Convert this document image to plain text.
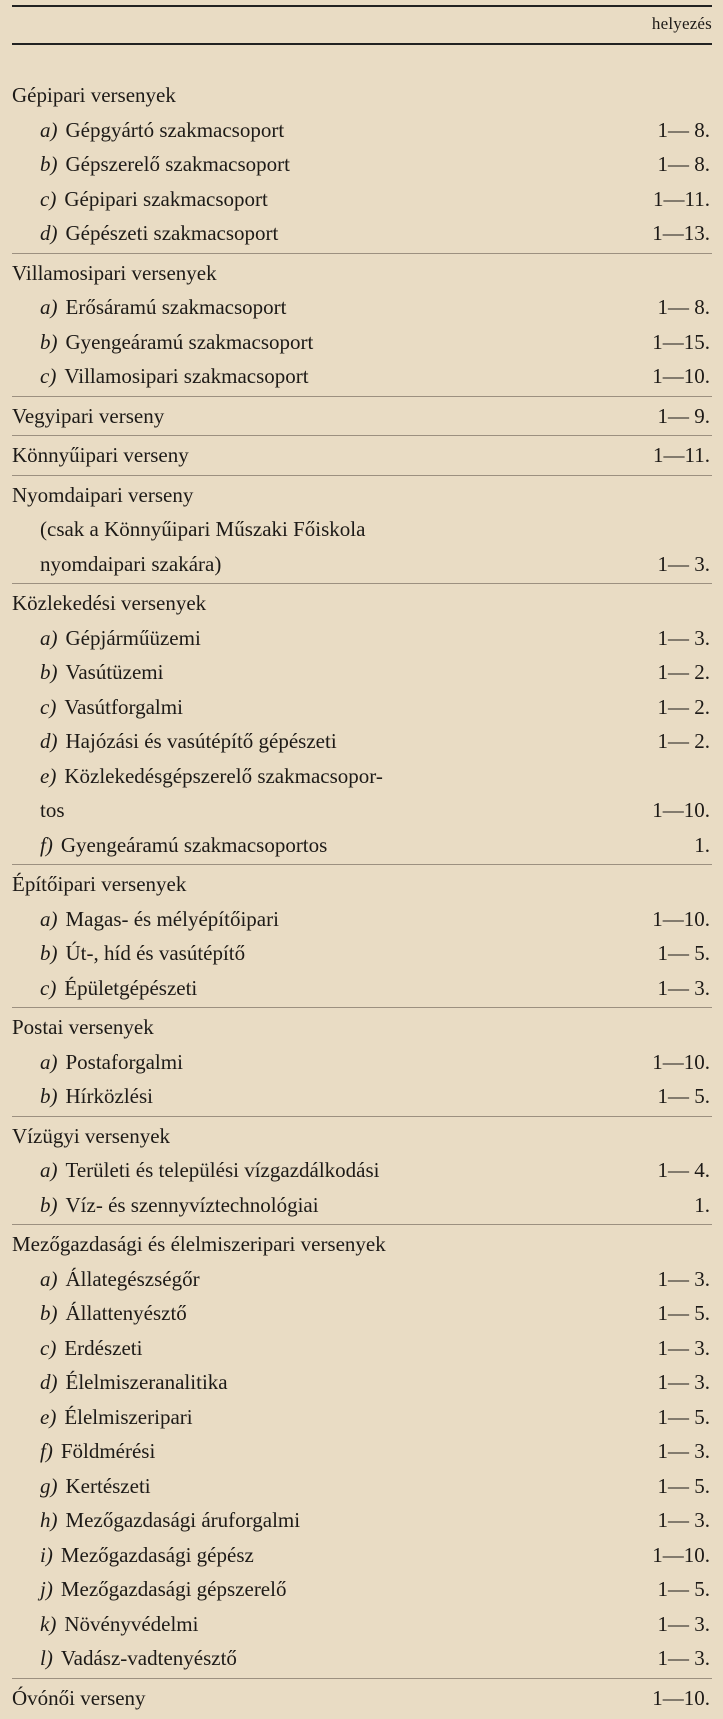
helyezés
Gépipari versenyek
a) Gépgyártó szakmacsoport	1— 8.
b) Gépszerelő szakmacsoport	1— 8.
c) Gépipari szakmacsoport	1—11.
d) Gépészeti szakmacsoport	1—13.
Villamosipari versenyek
a) Erősáramú szakmacsoport	1— 8.
b) Gyengeáramú szakmacsoport	1—15.
c) Villamosipari szakmacsoport	1—10.
Vegyipari verseny	1— 9.
Könnyűipari verseny	1—11.
Nyomdaipari verseny
(csak a Könnyűipari Műszaki Főiskola
nyomdaipari szakára)	1— 3.
Közlekedési versenyek
a) Gépjárműüzemi	1— 3.
b) Vasútüzemi	1— 2.
c) Vasútforgalmi	1— 2.
d) Hajózási és vasútépítő gépészeti	1— 2.
e) Közlekedésgépszerelő szakmacsopor-
tos	1—10.
f) Gyengeáramú szakmacsoportos	1.
Építőipari versenyek
a) Magas- és mélyépítőipari	1—10.
b) Út-, híd és vasútépítő	1— 5.
c) Épületgépészeti	1— 3.
Postai versenyek
a) Postaforgalmi	1—10.
b) Hírközlési	1— 5.
Vízügyi versenyek
a) Területi és települési vízgazdálkodási	1— 4.
b) Víz- és szennyvíztechnológiai	1.
Mezőgazdasági és élelmiszeripari versenyek
a) Állategészségőr	1— 3.
b) Állattenyésztő	1— 5.
c) Erdészeti	1— 3.
d) Élelmiszeranalitika	1— 3.
e) Élelmiszeripari	1— 5.
f) Földmérési	1— 3.
g) Kertészeti	1— 5.
h) Mezőgazdasági áruforgalmi	1— 3.
i) Mezőgazdasági gépész	1—10.
j) Mezőgazdasági gépszerelő	1— 5.
k) Növényvédelmi	1— 3.
l) Vadász-vadtenyésztő	1— 3.
Óvónői verseny	1—10.
